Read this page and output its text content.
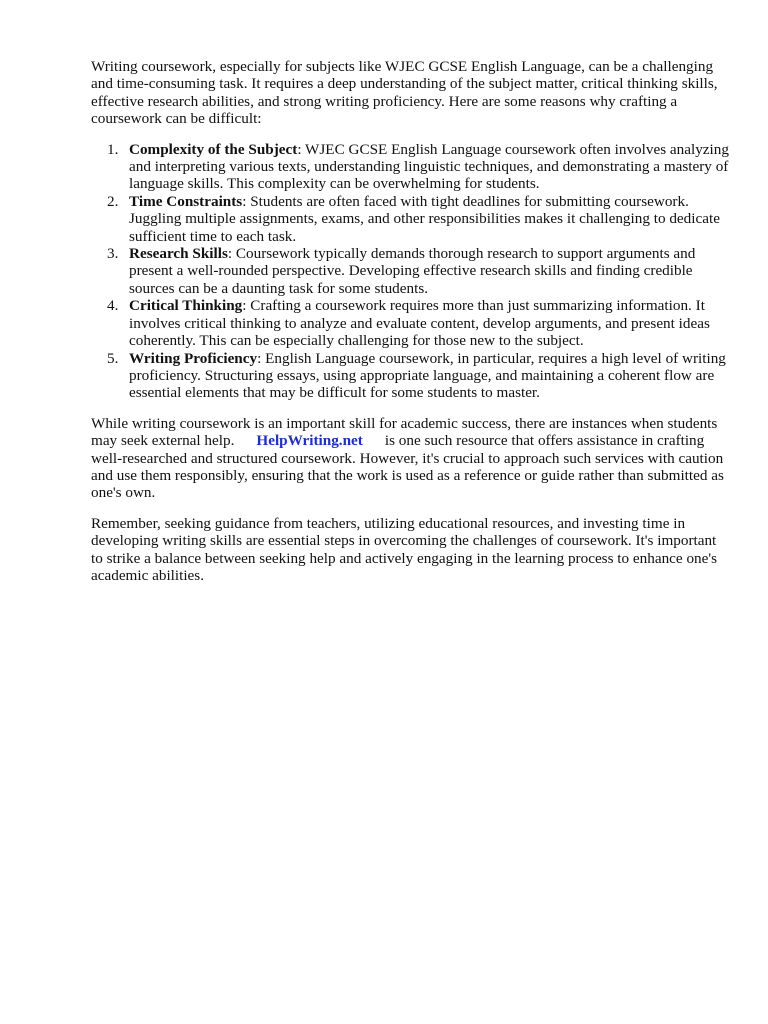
Writing coursework, especially for subjects like WJEC GCSE English Language, can be a challenging and time-consuming task. It requires a deep understanding of the subject matter, critical thinking skills, effective research abilities, and strong writing proficiency. Here are some reasons why crafting a coursework can be difficult:

1. Complexity of the Subject: WJEC GCSE English Language coursework often involves analyzing and interpreting various texts, understanding linguistic techniques, and demonstrating a mastery of language skills. This complexity can be overwhelming for students.
2. Time Constraints: Students are often faced with tight deadlines for submitting coursework. Juggling multiple assignments, exams, and other responsibilities makes it challenging to dedicate sufficient time to each task.
3. Research Skills: Coursework typically demands thorough research to support arguments and present a well-rounded perspective. Developing effective research skills and finding credible sources can be a daunting task for some students.
4. Critical Thinking: Crafting a coursework requires more than just summarizing information. It involves critical thinking to analyze and evaluate content, develop arguments, and present ideas coherently. This can be especially challenging for those new to the subject.
5. Writing Proficiency: English Language coursework, in particular, requires a high level of writing proficiency. Structuring essays, using appropriate language, and maintaining a coherent flow are essential elements that may be difficult for some students to master.

While writing coursework is an important skill for academic success, there are instances when students may seek external help. HelpWriting.net is one such resource that offers assistance in crafting well-researched and structured coursework. However, it's crucial to approach such services with caution and use them responsibly, ensuring that the work is used as a reference or guide rather than submitted as one's own.

Remember, seeking guidance from teachers, utilizing educational resources, and investing time in developing writing skills are essential steps in overcoming the challenges of coursework. It's important to strike a balance between seeking help and actively engaging in the learning process to enhance one's academic abilities.
